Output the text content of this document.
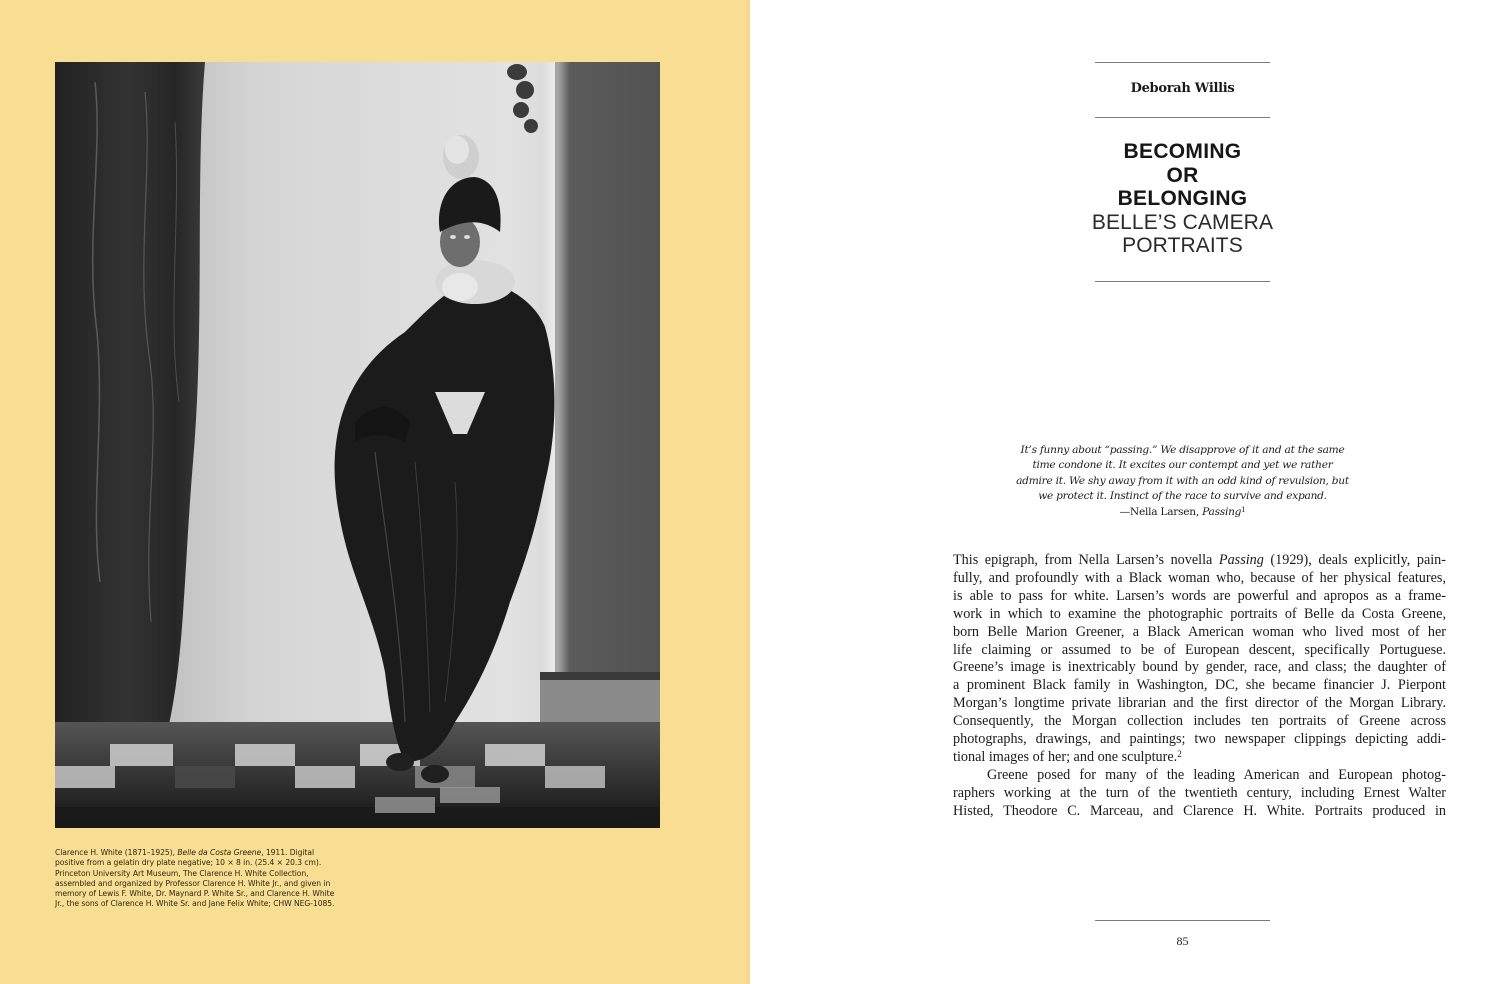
Clarence H. White (1871–1925), Belle da Costa Greene, 1911. Digital positive from a gelatin dry plate negative; 10 × 8 in. (25.4 × 20.3 cm). Princeton University Art Museum, The Clarence H. White Collection, assembled and organized by Professor Clarence H. White Jr., and given in memory of Lewis F. White, Dr. Maynard P. White Sr., and Clarence H. White Jr., the sons of Clarence H. White Sr. and Jane Felix White; CHW NEG-1085.
Deborah Willis
BECOMING
OR
BELONGING
BELLE’S CAMERA
PORTRAITS
It’s funny about “passing.” We disapprove of it and at the same
time condone it. It excites our contempt and yet we rather
admire it. We shy away from it with an odd kind of revulsion, but
we protect it. Instinct of the race to survive and expand.
—Nella Larsen, Passing$^1$

This epigraph, from Nella Larsen’s novella Passing (1929), deals explicitly, pain-
fully, and profoundly with a Black woman who, because of her physical features,
is able to pass for white. Larsen’s words are powerful and apropos as a frame-
work in which to examine the photographic portraits of Belle da Costa Greene,
born Belle Marion Greener, a Black American woman who lived most of her
life claiming or assumed to be of European descent, specifically Portuguese.
Greene’s image is inextricably bound by gender, race, and class; the daughter of
a prominent Black family in Washington, DC, she became financier J. Pierpont
Morgan’s longtime private librarian and the first director of the Morgan Library.
Consequently, the Morgan collection includes ten portraits of Greene across
photographs, drawings, and paintings; two newspaper clippings depicting addi-
tional images of her; and one sculpture.$^2$

Greene posed for many of the leading American and European photog-
raphers working at the turn of the twentieth century, including Ernest Walter
Histed, Theodore C. Marceau, and Clarence H. White. Portraits produced in

85
